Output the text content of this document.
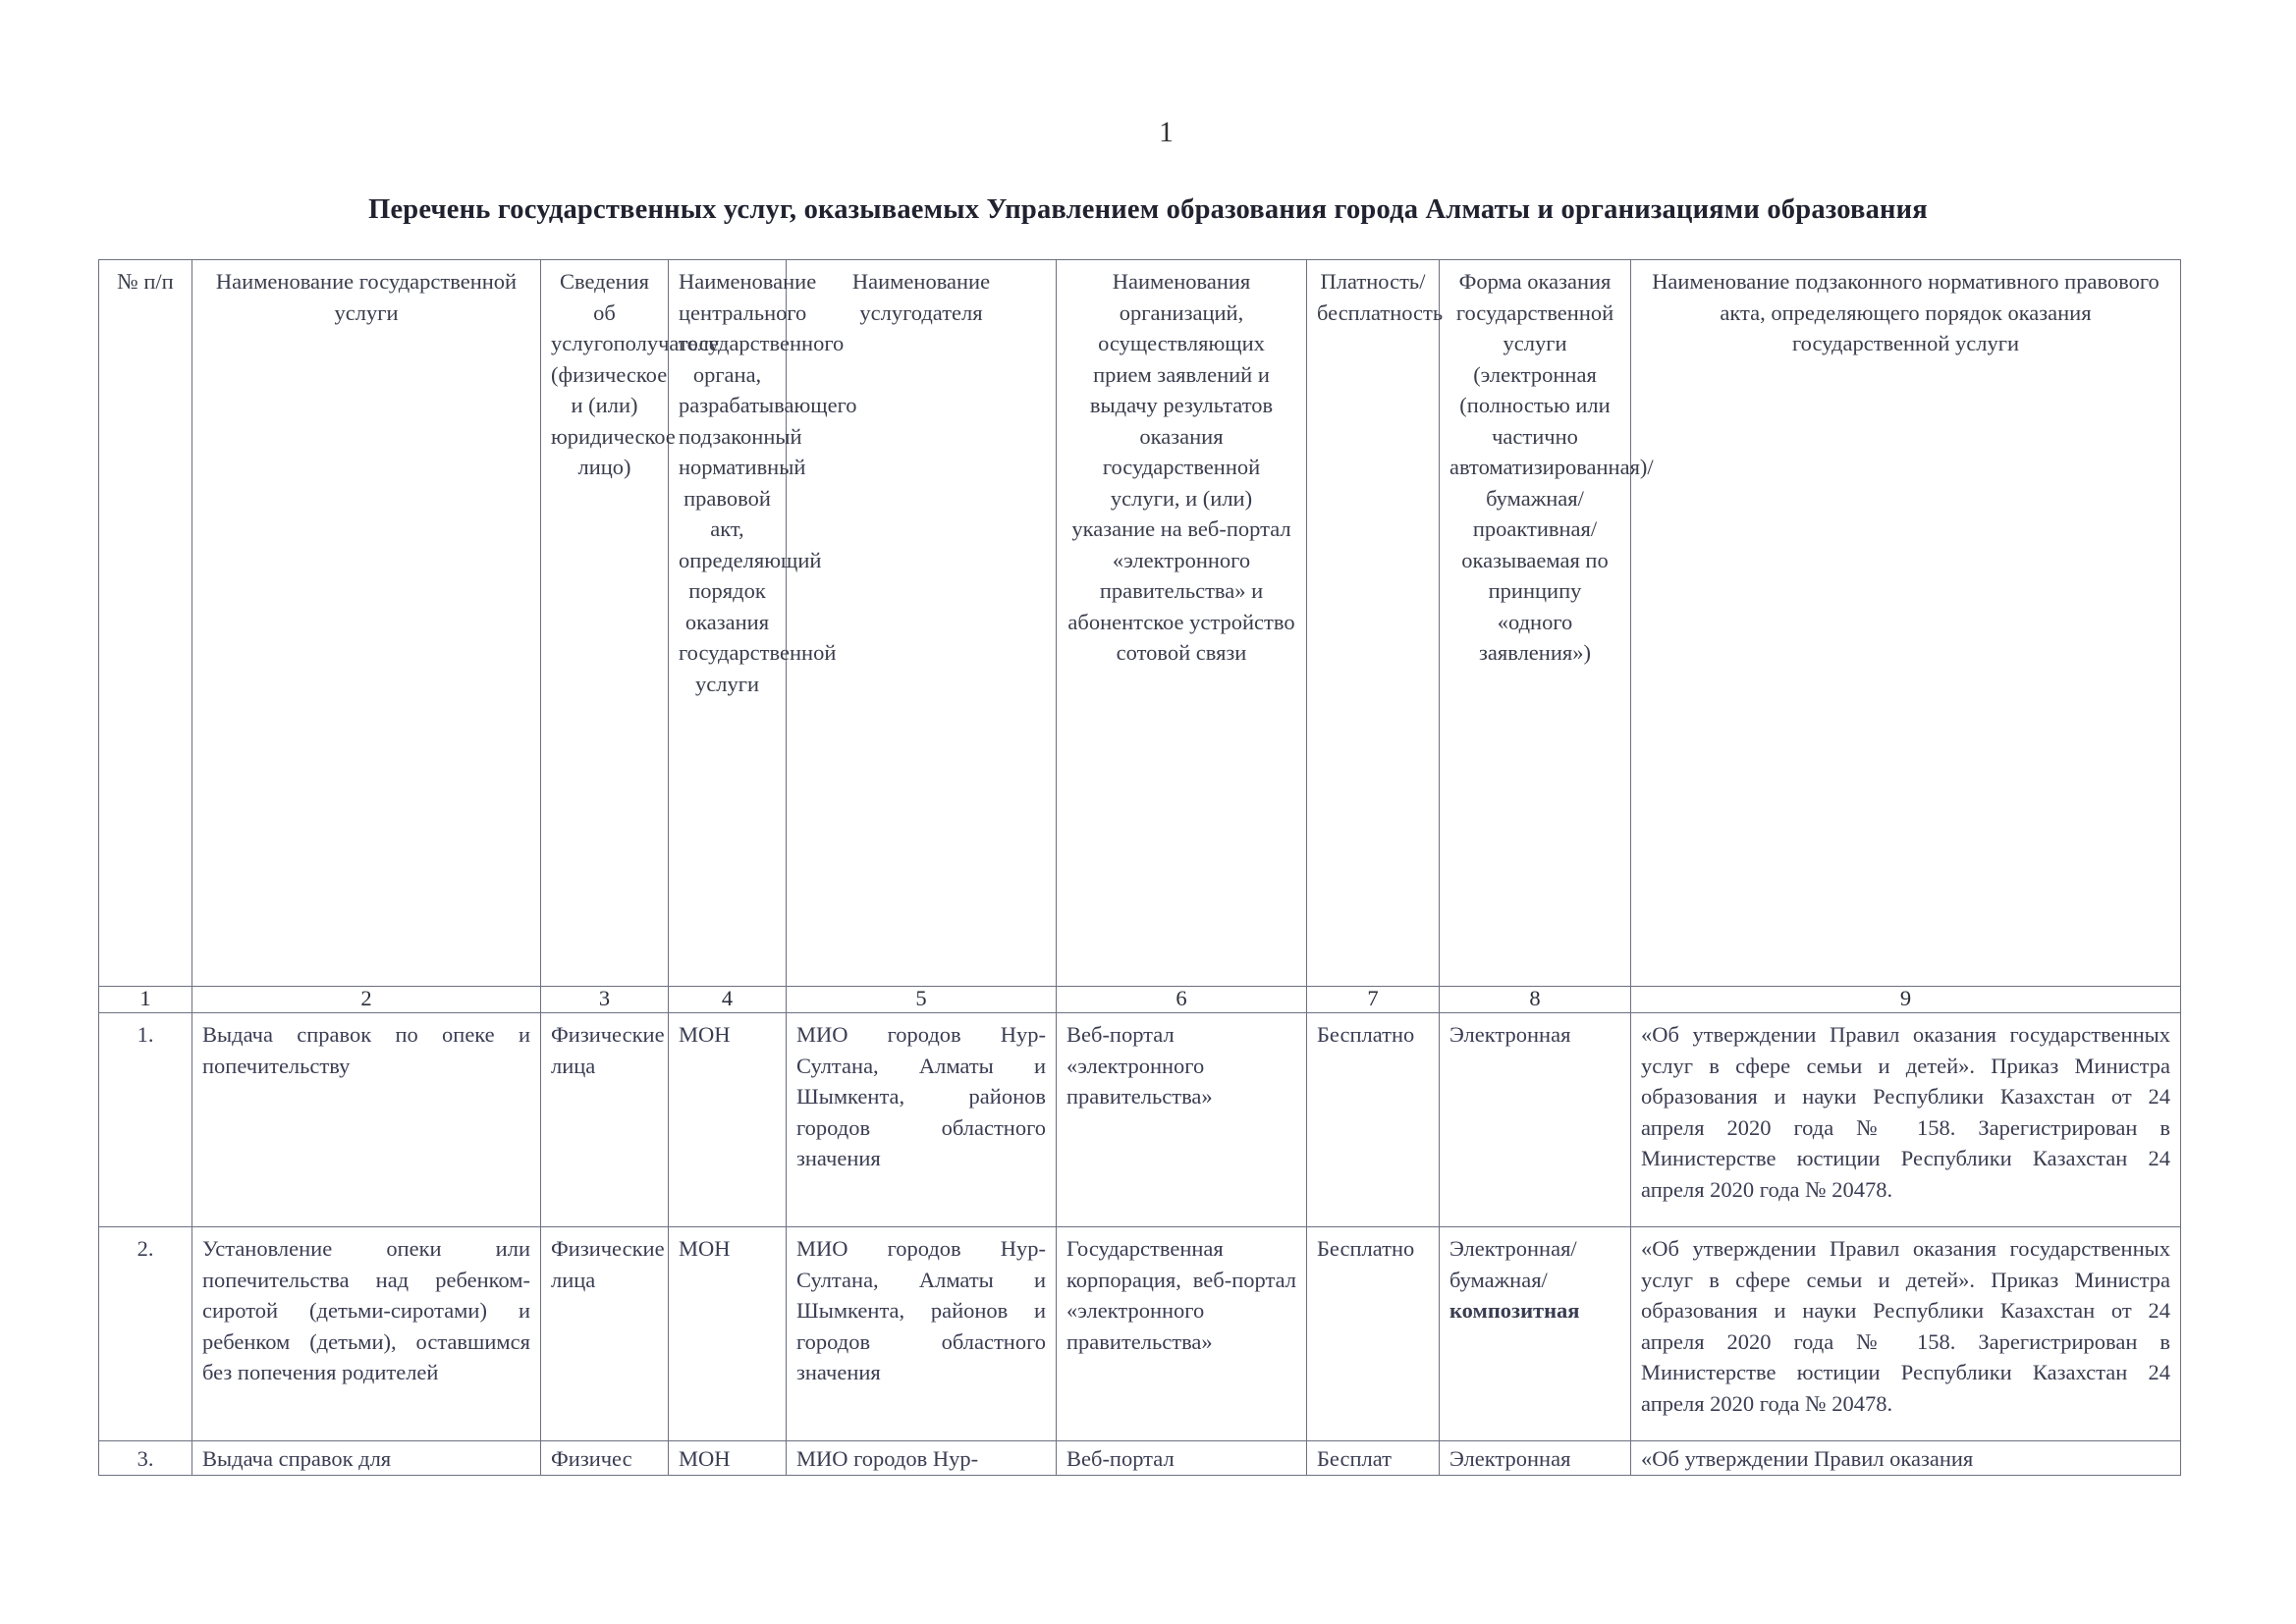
1
Перечень государственных услуг, оказываемых Управлением образования города Алматы и организациями образования
№ п/п	Наименование государственной услуги	Сведения об услугополучателе (физическое и (или) юридическое лицо)	Наименование центрального государственного органа, разрабатывающего подзаконный нормативный правовой акт, определяющий порядок оказания государственной услуги	Наименование услугодателя	Наименования организаций, осуществляющих прием заявлений и выдачу результатов оказания государственной услуги, и (или) указание на веб-портал «электронного правительства» и абонентское устройство сотовой связи	Платность/бесплатность	Форма оказания государственной услуги (электронная (полностью или частично автоматизированная)/ бумажная/ проактивная/ оказываемая по принципу «одного заявления»)	Наименование подзаконного нормативного правового акта, определяющего порядок оказания государственной услуги
1	2	3	4	5	6	7	8	9
1.	Выдача справок по опеке и попечительству	Физические лица	МОН	МИО городов Нур-Султана, Алматы и Шымкента, районов городов областного значения	Веб-портал «электронного правительства»	Бесплатно	Электронная	«Об утверждении Правил оказания государственных услуг в сфере семьи и детей». Приказ Министра образования и науки Республики Казахстан от 24 апреля 2020 года № 158. Зарегистрирован в Министерстве юстиции Республики Казахстан 24 апреля 2020 года № 20478.
2.	Установление опеки или попечительства над ребенком-сиротой (детьми-сиротами) и ребенком (детьми), оставшимся без попечения родителей	Физические лица	МОН	МИО городов Нур-Султана, Алматы и Шымкента, районов и городов областного значения	Государственная корпорация, веб-портал «электронного правительства»	Бесплатно	Электронная/ бумажная/композитная	«Об утверждении Правил оказания государственных услуг в сфере семьи и детей». Приказ Министра образования и науки Республики Казахстан от 24 апреля 2020 года № 158. Зарегистрирован в Министерстве юстиции Республики Казахстан 24 апреля 2020 года № 20478.
3.	Выдача справок для	Физичес	МОН	МИО городов Нур-	Веб-портал	Бесплат	Электронная	«Об утверждении Правил оказания
